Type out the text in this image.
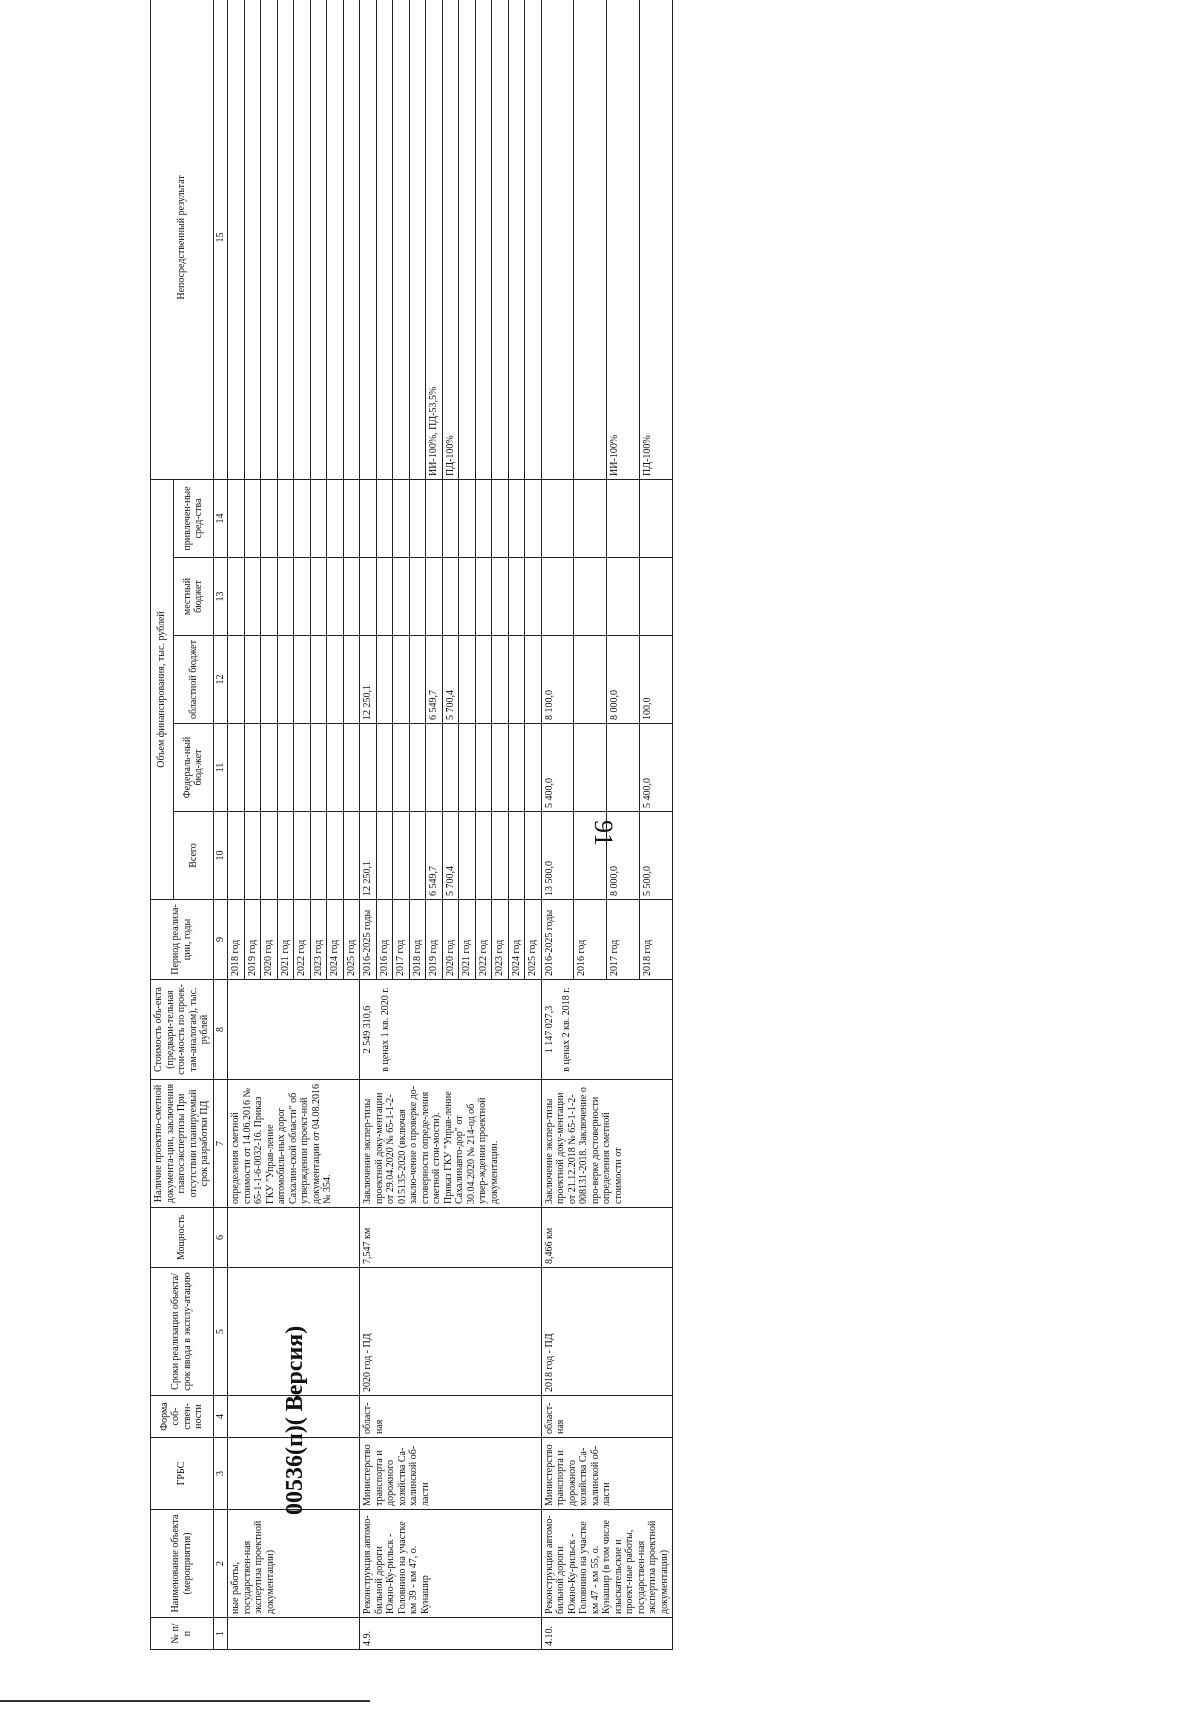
91
№ п/п	Наименование объекта (мероприятия)	ГРБС	Форма соб-ствен-ности	Сроки реализации объекта/ срок ввода в эксплу-атацию	Мощность	Наличие проектно-сметной документа-ции, заключения главгосэкспертизы При отсутствии планируемый срок разработки ПД	Стоимость объ-екта (предвари-тельная стои-мость по проек-там-аналогам), тыс. рублей	Период реализа-ции, годы	Объем финансирования, тыс. рублей					Непосредственный результат
									Всего	Федераль-ный бюд-жет	областной бюджет	местный бюджет	привлечен-ные сред-ства	
1	2	3	4	5	6	7	8	9	10	11	12	13	14	15
	ные работы, государствен-ная экспертиза проектной документации)					определения сметной стоимости от 14.06.2016 № 65-1-1-6-0032-16. Приказ ГКУ "Управ-ление автомобиль-ных дорог Сахалин-ской области" об утверждении проект-ной документации от 04.08.2016 № 354.		2018 год						
								2019 год						
								2020 год						
								2021 год						
								2022 год						
								2023 год						
								2024 год						
								2025 год						
4.9.	Реконструкция автомо-бильной дороги Южно-Ку-рильск - Головнино на участке км 39 - км 47, о. Кунашир	Министерство транспорта и дорожного хозяйства Са-халинской об-ласти	област-ная	2020 год - ПД	7,547 км	Заключение экспер-тизы проектной доку-ментации от 29.04.2020 № 65-1-1-2-015135-2020 (включая заклю-чение о проверке до-стоверности опреде-ления сметной стои-мости). Приказ ГКУ "Управ-ление Сахалинавто-дор" от 30.04.2020 № 214-од об утвер-ждении проектной документации.	2 549 310,6 в ценах 1 кв. 2020 г.	2016-2025 годы	12 250,1		12 250,1			
								2016 год						
								2017 год						
								2018 год						
								2019 год	6 549,7		6 549,7			ИИ-100%, ПД-53,5%
								2020 год	5 700,4		5 700,4			ПД-100%
								2021 год						
								2022 год						
								2023 год						
								2024 год						
								2025 год						
4.10.	Реконструкция автомо-бильной дороги Южно-Ку-рильск - Головнино на участке км 47 - км 55, о. Кунашир (в том числе изыскательские и проект-ные работы, государствен-ная экспертиза проектной документации)	Министерство транспорта и дорожного хозяйства Са-халинской об-ласти	област-ная	2018 год - ПД	8,466 км	Заключение экспер-тизы проектной доку-ментации от 21.12.2018 № 65-1-1-2-008131-2018. Заключение о про-верке достоверности определения сметной стоимости от	1 147 027,3 в ценах 2 кв. 2018 г.	2016-2025 годы	13 500,0	5 400,0	8 100,0			
								2016 год						
								2017 год	8 000,0		8 000,0			ИИ-100%
								2018 год	5 500,0	5 400,0	100,0			ПД-100%
00536(п)( Версия)
